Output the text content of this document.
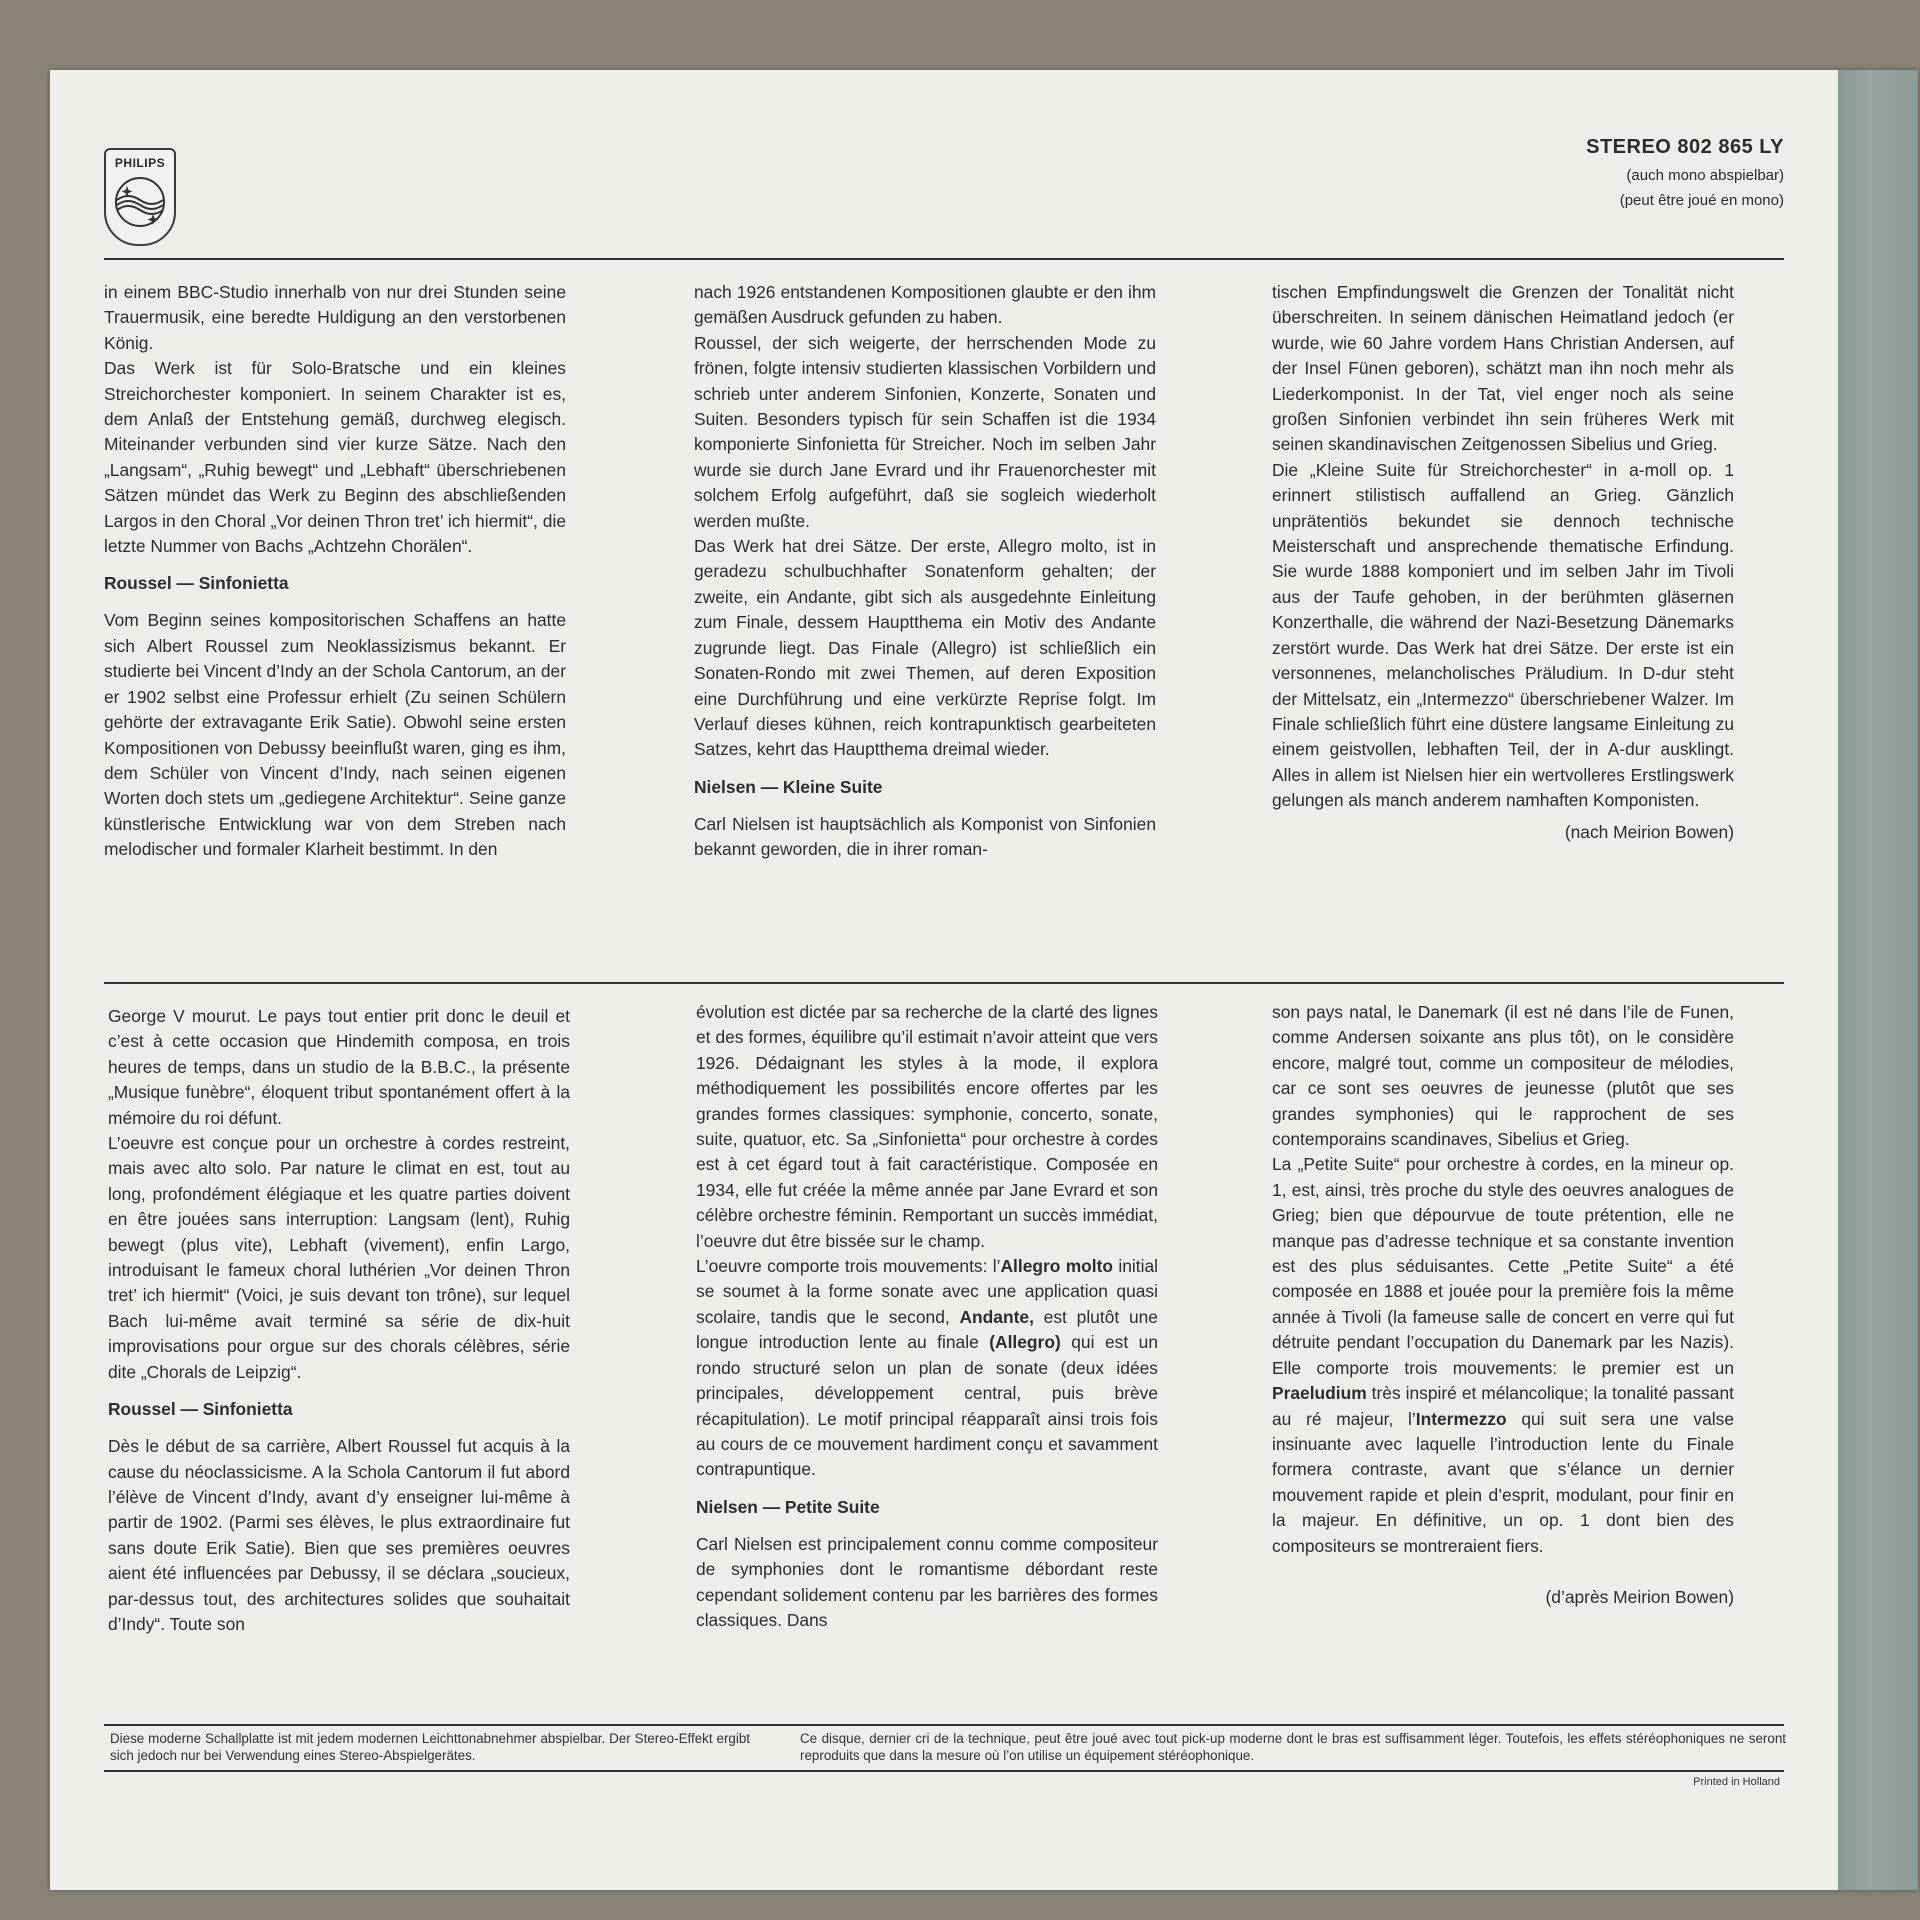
PHILIPS
STEREO 802 865 LY
(auch mono abspielbar)
(peut être joué en mono)

in einem BBC-Studio innerhalb von nur drei Stunden seine Trauermusik, eine beredte Huldigung an den verstorbenen König.

Das Werk ist für Solo-Bratsche und ein kleines Streichorchester komponiert. In seinem Charakter ist es, dem Anlaß der Entstehung gemäß, durchweg elegisch. Miteinander verbunden sind vier kurze Sätze. Nach den „Langsam“, „Ruhig bewegt“ und „Lebhaft“ überschriebenen Sätzen mündet das Werk zu Beginn des abschließenden Largos in den Choral „Vor deinen Thron tret’ ich hiermit“, die letzte Nummer von Bachs „Achtzehn Chorälen“.

Roussel — Sinfonietta

Vom Beginn seines kompositorischen Schaffens an hatte sich Albert Roussel zum Neoklassizismus bekannt. Er studierte bei Vincent d’Indy an der Schola Cantorum, an der er 1902 selbst eine Professur erhielt (Zu seinen Schülern gehörte der extravagante Erik Satie). Obwohl seine ersten Kompositionen von Debussy beeinflußt waren, ging es ihm, dem Schüler von Vincent d’Indy, nach seinen eigenen Worten doch stets um „gediegene Architektur“. Seine ganze künstlerische Entwicklung war von dem Streben nach melodischer und formaler Klarheit bestimmt. In den

nach 1926 entstandenen Kompositionen glaubte er den ihm gemäßen Ausdruck gefunden zu haben.

Roussel, der sich weigerte, der herrschenden Mode zu frönen, folgte intensiv studierten klassischen Vorbildern und schrieb unter anderem Sinfonien, Konzerte, Sonaten und Suiten. Besonders typisch für sein Schaffen ist die 1934 komponierte Sinfonietta für Streicher. Noch im selben Jahr wurde sie durch Jane Evrard und ihr Frauenorchester mit solchem Erfolg aufgeführt, daß sie sogleich wiederholt werden mußte.

Das Werk hat drei Sätze. Der erste, Allegro molto, ist in geradezu schulbuchhafter Sonatenform gehalten; der zweite, ein Andante, gibt sich als ausgedehnte Einleitung zum Finale, dessem Hauptthema ein Motiv des Andante zugrunde liegt. Das Finale (Allegro) ist schließlich ein Sonaten-Rondo mit zwei Themen, auf deren Exposition eine Durchführung und eine verkürzte Reprise folgt. Im Verlauf dieses kühnen, reich kontrapunktisch gearbeiteten Satzes, kehrt das Hauptthema dreimal wieder.

Nielsen — Kleine Suite

Carl Nielsen ist hauptsächlich als Komponist von Sinfonien bekannt geworden, die in ihrer roman-

tischen Empfindungswelt die Grenzen der Tonalität nicht überschreiten. In seinem dänischen Heimatland jedoch (er wurde, wie 60 Jahre vordem Hans Christian Andersen, auf der Insel Fünen geboren), schätzt man ihn noch mehr als Liederkomponist. In der Tat, viel enger noch als seine großen Sinfonien verbindet ihn sein früheres Werk mit seinen skandinavischen Zeitgenossen Sibelius und Grieg.

Die „Kleine Suite für Streichorchester“ in a-moll op. 1 erinnert stilistisch auffallend an Grieg. Gänzlich unprätentiös bekundet sie dennoch technische Meisterschaft und ansprechende thematische Erfindung. Sie wurde 1888 komponiert und im selben Jahr im Tivoli aus der Taufe gehoben, in der berühmten gläsernen Konzerthalle, die während der Nazi-Besetzung Dänemarks zerstört wurde. Das Werk hat drei Sätze. Der erste ist ein versonnenes, melancholisches Präludium. In D-dur steht der Mittelsatz, ein „Intermezzo“ überschriebener Walzer. Im Finale schließlich führt eine düstere langsame Einleitung zu einem geistvollen, lebhaften Teil, der in A-dur ausklingt. Alles in allem ist Nielsen hier ein wertvolleres Erstlingswerk gelungen als manch anderem namhaften Komponisten.

(nach Meirion Bowen)

George V mourut. Le pays tout entier prit donc le deuil et c’est à cette occasion que Hindemith composa, en trois heures de temps, dans un studio de la B.B.C., la présente „Musique funèbre“, éloquent tribut spontanément offert à la mémoire du roi défunt.

L’oeuvre est conçue pour un orchestre à cordes restreint, mais avec alto solo. Par nature le climat en est, tout au long, profondément élégiaque et les quatre parties doivent en être jouées sans interruption: Langsam (lent), Ruhig bewegt (plus vite), Lebhaft (vivement), enfin Largo, introduisant le fameux choral luthérien „Vor deinen Thron tret’ ich hiermit“ (Voici, je suis devant ton trône), sur lequel Bach lui-même avait terminé sa série de dix-huit improvisations pour orgue sur des chorals célèbres, série dite „Chorals de Leipzig“.

Roussel — Sinfonietta

Dès le début de sa carrière, Albert Roussel fut acquis à la cause du néoclassicisme. A la Schola Cantorum il fut abord l’élève de Vincent d’Indy, avant d’y enseigner lui-même à partir de 1902. (Parmi ses élèves, le plus extraordinaire fut sans doute Erik Satie). Bien que ses premières oeuvres aient été influencées par Debussy, il se déclara „soucieux, par-dessus tout, des architectures solides que souhaitait d’Indy“. Toute son

évolution est dictée par sa recherche de la clarté des lignes et des formes, équilibre qu’il estimait n’avoir atteint que vers 1926. Dédaignant les styles à la mode, il explora méthodiquement les possibilités encore offertes par les grandes formes classiques: symphonie, concerto, sonate, suite, quatuor, etc. Sa „Sinfonietta“ pour orchestre à cordes est à cet égard tout à fait caractéristique. Composée en 1934, elle fut créée la même année par Jane Evrard et son célèbre orchestre féminin. Remportant un succès immédiat, l’oeuvre dut être bissée sur le champ.

L’oeuvre comporte trois mouvements: l’Allegro molto initial se soumet à la forme sonate avec une application quasi scolaire, tandis que le second, Andante, est plutôt une longue introduction lente au finale (Allegro) qui est un rondo structuré selon un plan de sonate (deux idées principales, développement central, puis brève récapitulation). Le motif principal réapparaît ainsi trois fois au cours de ce mouvement hardiment conçu et savamment contrapuntique.

Nielsen — Petite Suite

Carl Nielsen est principalement connu comme compositeur de symphonies dont le romantisme débordant reste cependant solidement contenu par les barrières des formes classiques. Dans

son pays natal, le Danemark (il est né dans l’ile de Funen, comme Andersen soixante ans plus tôt), on le considère encore, malgré tout, comme un compositeur de mélodies, car ce sont ses oeuvres de jeunesse (plutôt que ses grandes symphonies) qui le rapprochent de ses contemporains scandinaves, Sibelius et Grieg.

La „Petite Suite“ pour orchestre à cordes, en la mineur op. 1, est, ainsi, très proche du style des oeuvres analogues de Grieg; bien que dépourvue de toute prétention, elle ne manque pas d’adresse technique et sa constante invention est des plus séduisantes. Cette „Petite Suite“ a été composée en 1888 et jouée pour la première fois la même année à Tivoli (la fameuse salle de concert en verre qui fut détruite pendant l’occupation du Danemark par les Nazis). Elle comporte trois mouvements: le premier est un Praeludium très inspiré et mélancolique; la tonalité passant au ré majeur, l’Intermezzo qui suit sera une valse insinuante avec laquelle l’introduction lente du Finale formera contraste, avant que s’élance un dernier mouvement rapide et plein d’esprit, modulant, pour finir en la majeur. En définitive, un op. 1 dont bien des compositeurs se montreraient fiers.

(d’après Meirion Bowen)

Diese moderne Schallplatte ist mit jedem modernen Leichttonabnehmer abspielbar. Der Stereo-Effekt ergibt sich jedoch nur bei Verwendung eines Stereo-Abspielgerätes.
Ce disque, dernier cri de la technique, peut être joué avec tout pick-up moderne dont le bras est suffisamment léger. Toutefois, les effets stéréophoniques ne seront reproduits que dans la mesure où l’on utilise un équipement stéréophonique.
Printed in Holland
